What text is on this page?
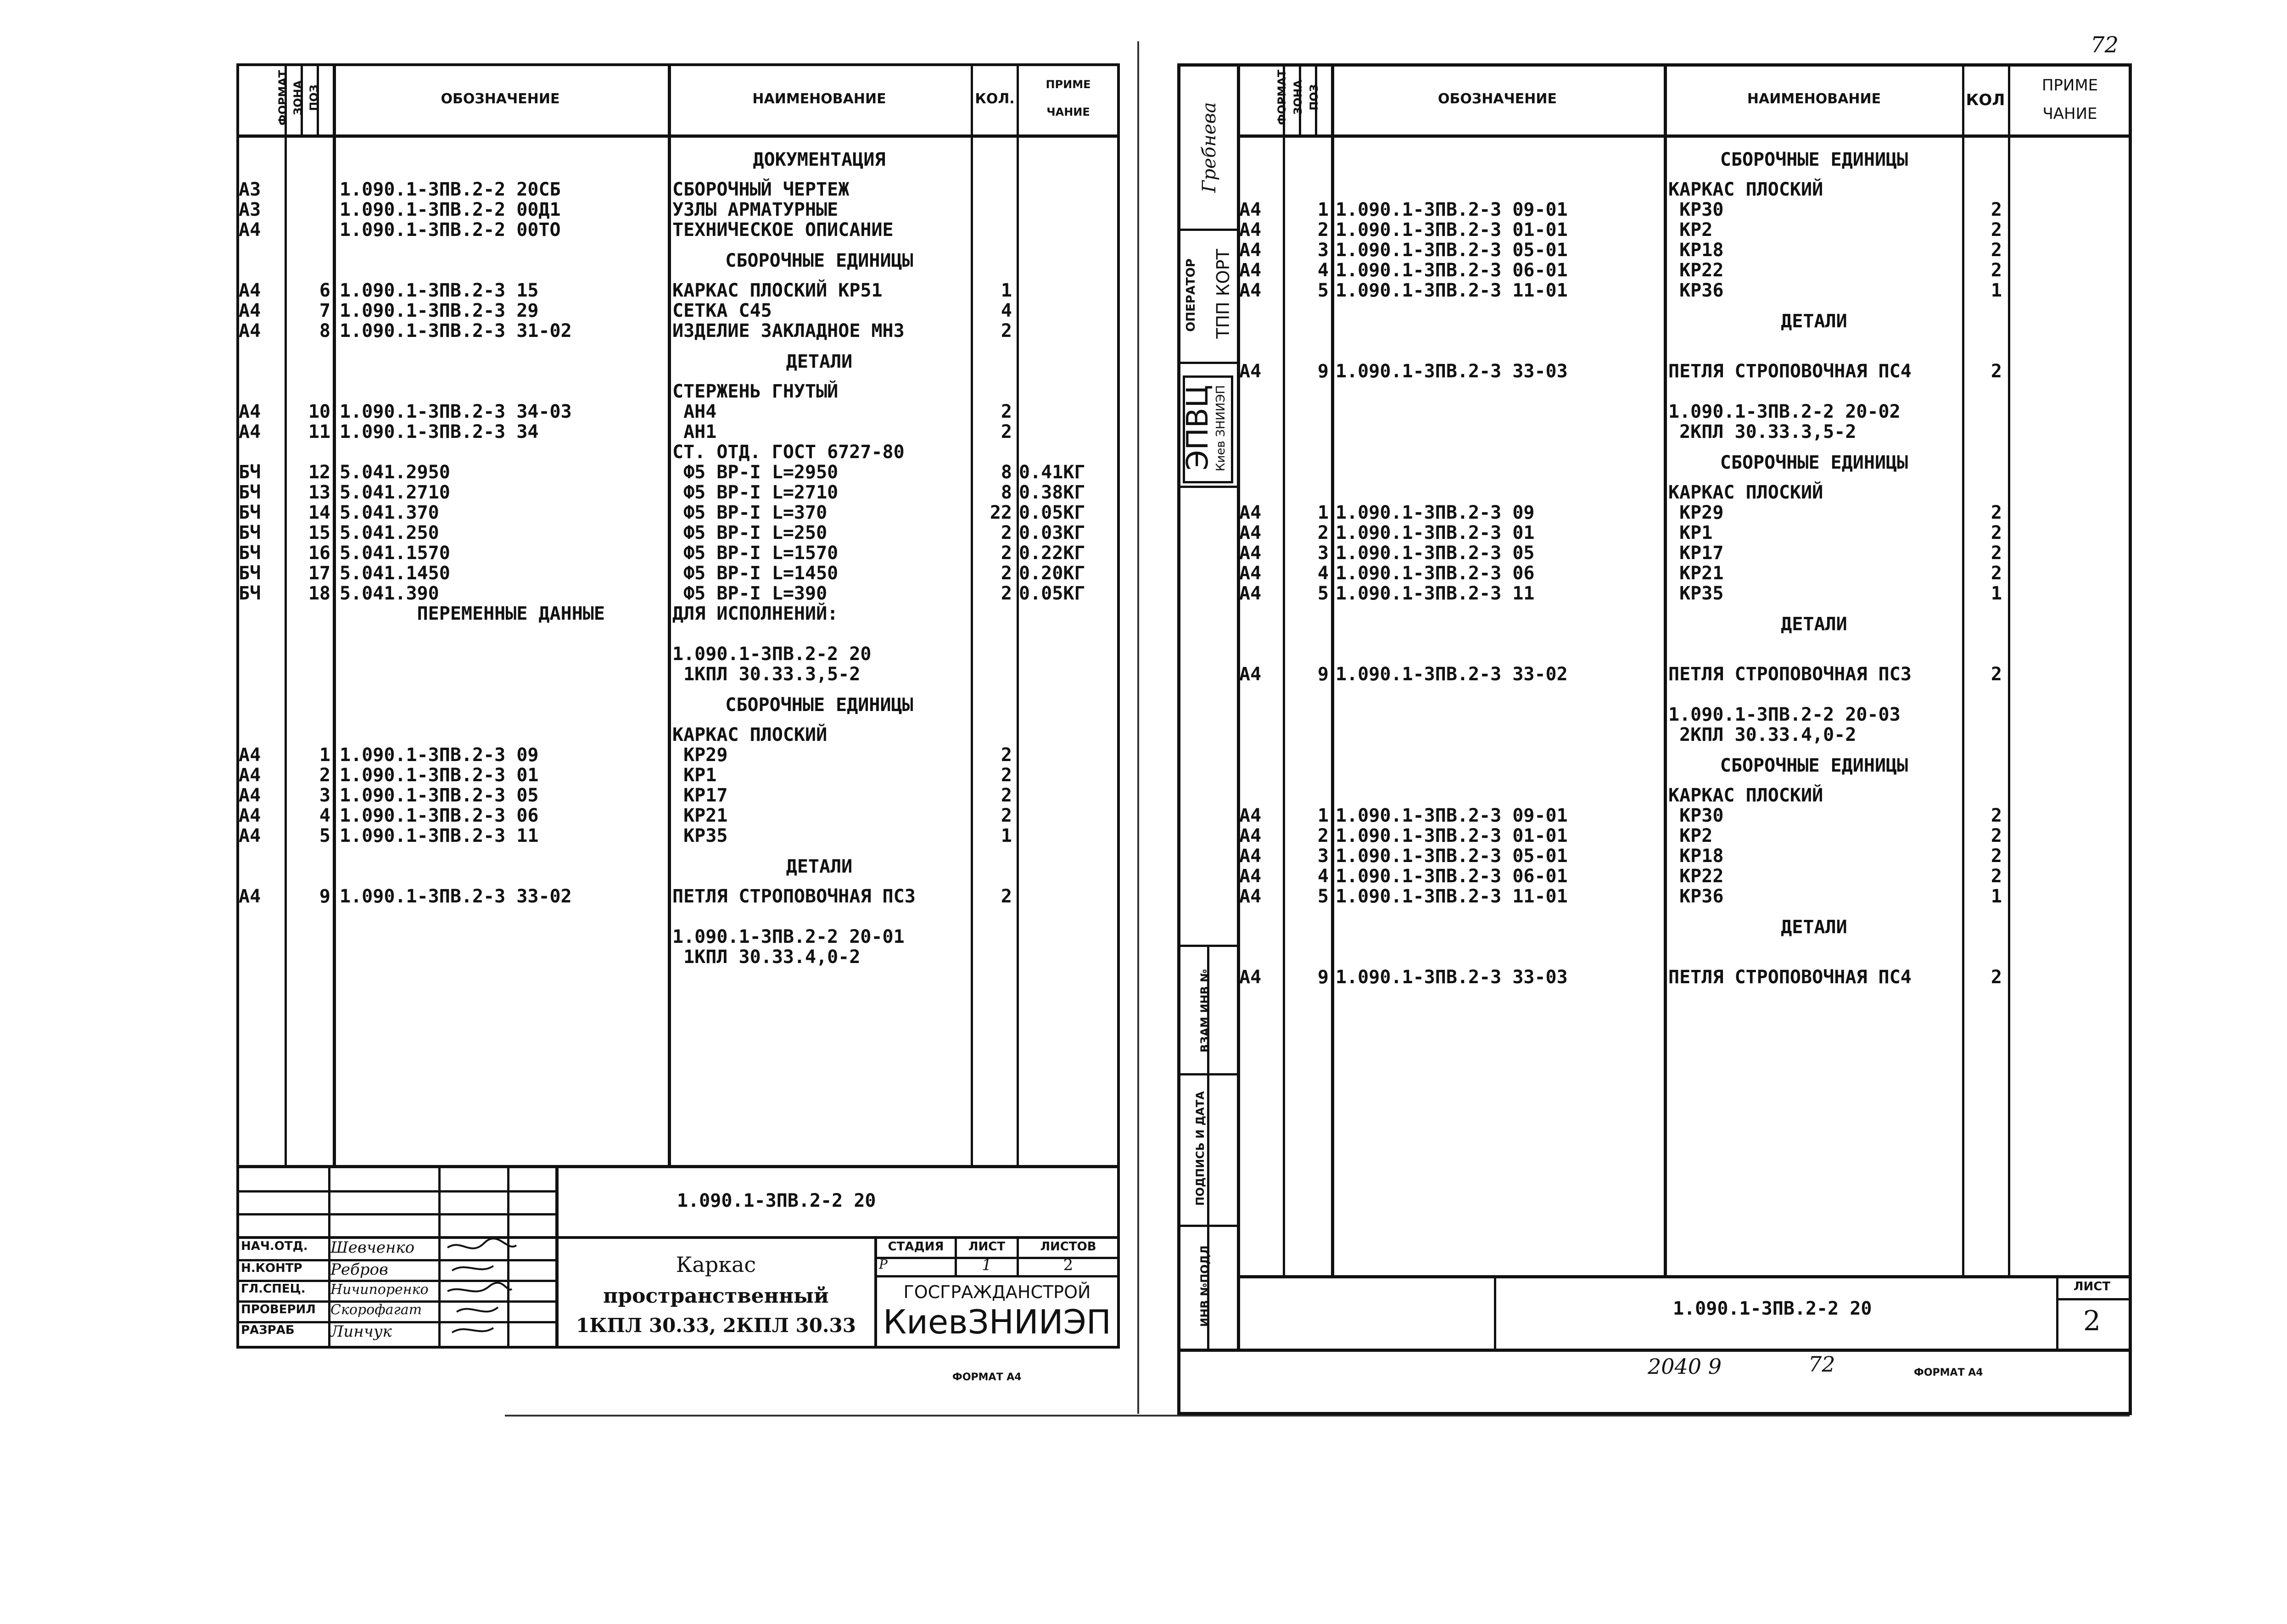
ФОРМАТ ЗОНА ПОЗ	ОБОЗНАЧЕНИЕ	НАИМЕНОВАНИЕ	КОЛ.
ПРИМЕ
ЧАНИЕ
ДОКУМЕНТАЦИЯ
А3	1.090.1-3ПВ.2-2 20СБ	СБОРОЧНЫЙ ЧЕРТЕЖ
А3	1.090.1-3ПВ.2-2 00Д1	УЗЛЫ АРМАТУРНЫЕ
А4	1.090.1-3ПВ.2-2 00ТО	ТЕХНИЧЕСКОЕ ОПИСАНИЕ
СБОРОЧНЫЕ ЕДИНИЦЫ
А4	6 1.090.1-3ПВ.2-3 15	КАРКАС ПЛОСКИЙ КР51	1
А4	7 1.090.1-3ПВ.2-3 29	СЕТКА С45	4
А4	8 1.090.1-3ПВ.2-3 31-02	ИЗДЕЛИЕ ЗАКЛАДНОЕ МН3	2
ДЕТАЛИ
СТЕРЖЕНЬ ГНУТЫЙ
А4	10 1.090.1-3ПВ.2-3 34-03	АН4	2
А4	11 1.090.1-3ПВ.2-3 34	АН1	2
СТ. ОТД. ГОСТ 6727-80
БЧ	12 5.041.2950	Ф5 ВР-I L=2950	8 0.41КГ
БЧ	13 5.041.2710	Ф5 ВР-I L=2710	8 0.38КГ
БЧ	14 5.041.370	Ф5 ВР-I L=370	22 0.05КГ
БЧ	15 5.041.250	Ф5 ВР-I L=250	2 0.03КГ
БЧ	16 5.041.1570	Ф5 ВР-I L=1570	2 0.22КГ
БЧ	17 5.041.1450	Ф5 ВР-I L=1450	2 0.20КГ
БЧ	18 5.041.390	Ф5 ВР-I L=390	2 0.05КГ
ПЕРЕМЕННЫЕ ДАННЫЕ	ДЛЯ ИСПОЛНЕНИЙ:
1.090.1-3ПВ.2-2 20
1КПЛ 30.33.3,5-2
СБОРОЧНЫЕ ЕДИНИЦЫ
КАРКАС ПЛОСКИЙ
А4	1 1.090.1-3ПВ.2-3 09	КР29	2
А4	2 1.090.1-3ПВ.2-3 01	КР1	2
А4	3 1.090.1-3ПВ.2-3 05	КР17	2
А4	4 1.090.1-3ПВ.2-3 06	КР21	2
А4	5 1.090.1-3ПВ.2-3 11	КР35	1
ДЕТАЛИ
А4	9 1.090.1-3ПВ.2-3 33-02	ПЕТЛЯ СТРОПОВОЧНАЯ ПС3	2
1.090.1-3ПВ.2-2 20-01
1КПЛ 30.33.4,0-2
1.090.1-3ПВ.2-2 20
НАЧ.ОТД.
Н.КОНТР
ГЛ.СПЕЦ.
ПРОВЕРИЛ
РАЗРАБ
Шевченко
Ребров
Ничипоренко
Скорофагат
Линчук
Каркас
пространственный
1КПЛ 30.33, 2КПЛ 30.33
СТАДИЯ	ЛИСТ	ЛИСТОВ
Р	1	2
ГОСГРАЖДАНСТРОЙ
КиевЗНИИЭП
ФОРМАТ А4
Гребнева
ОПЕРАТОР ТПП КОРТ
ЭПВЦ
Киев ЗНИИЭП
ВЗАМ ИНВ №
ПОДПИСЬ И ДАТА
ИНВ №ПОДЛ
ФОРМАТ ЗОНА ПОЗ	ОБОЗНАЧЕНИЕ	НАИМЕНОВАНИЕ	КОЛ
ПРИМЕ
ЧАНИЕ
СБОРОЧНЫЕ ЕДИНИЦЫ
КАРКАС ПЛОСКИЙ
А4	1 1.090.1-3ПВ.2-3 09-01	КР30	2
А4	2 1.090.1-3ПВ.2-3 01-01	КР2	2
А4	3 1.090.1-3ПВ.2-3 05-01	КР18	2
А4	4 1.090.1-3ПВ.2-3 06-01	КР22	2
А4	5 1.090.1-3ПВ.2-3 11-01	КР36	1
ДЕТАЛИ
А4	9 1.090.1-3ПВ.2-3 33-03	ПЕТЛЯ СТРОПОВОЧНАЯ ПС4	2
1.090.1-3ПВ.2-2 20-02
2КПЛ 30.33.3,5-2
СБОРОЧНЫЕ ЕДИНИЦЫ
КАРКАС ПЛОСКИЙ
А4	1 1.090.1-3ПВ.2-3 09	КР29	2
А4	2 1.090.1-3ПВ.2-3 01	КР1	2
А4	3 1.090.1-3ПВ.2-3 05	КР17	2
А4	4 1.090.1-3ПВ.2-3 06	КР21	2
А4	5 1.090.1-3ПВ.2-3 11	КР35	1
ДЕТАЛИ
А4	9 1.090.1-3ПВ.2-3 33-02	ПЕТЛЯ СТРОПОВОЧНАЯ ПС3	2
1.090.1-3ПВ.2-2 20-03
2КПЛ 30.33.4,0-2
СБОРОЧНЫЕ ЕДИНИЦЫ
КАРКАС ПЛОСКИЙ
А4	1 1.090.1-3ПВ.2-3 09-01	КР30	2
А4	2 1.090.1-3ПВ.2-3 01-01	КР2	2
А4	3 1.090.1-3ПВ.2-3 05-01	КР18	2
А4	4 1.090.1-3ПВ.2-3 06-01	КР22	2
А4	5 1.090.1-3ПВ.2-3 11-01	КР36	1
ДЕТАЛИ
А4	9 1.090.1-3ПВ.2-3 33-03	ПЕТЛЯ СТРОПОВОЧНАЯ ПС4	2
1.090.1-3ПВ.2-2 20
ЛИСТ
2
2040 9	72	ФОРМАТ А4
72
